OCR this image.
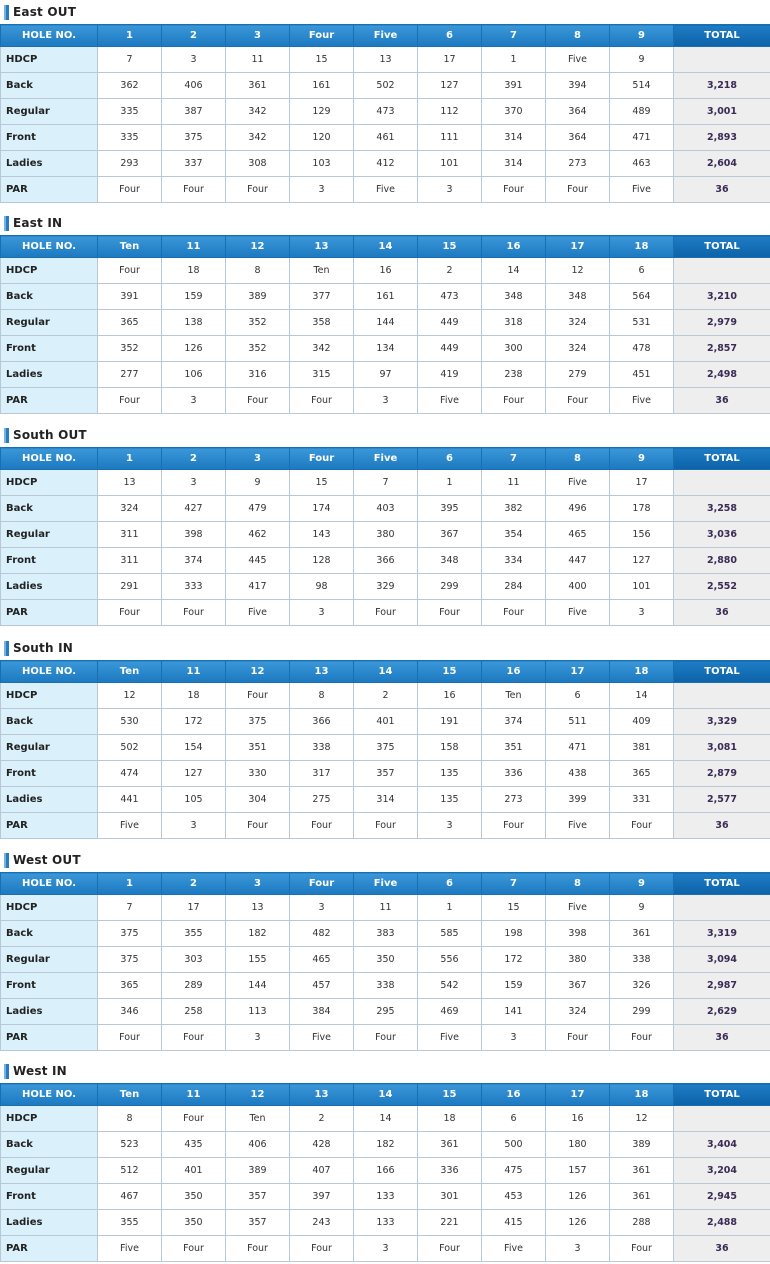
East OUT
HOLE NO.	1	2	3	Four	Five	6	7	8	9	TOTAL
HDCP	7	3	11	15	13	17	1	Five	9	
Back	362	406	361	161	502	127	391	394	514	3,218
Regular	335	387	342	129	473	112	370	364	489	3,001
Front	335	375	342	120	461	111	314	364	471	2,893
Ladies	293	337	308	103	412	101	314	273	463	2,604
PAR	Four	Four	Four	3	Five	3	Four	Four	Five	36
East IN
HOLE NO.	Ten	11	12	13	14	15	16	17	18	TOTAL
HDCP	Four	18	8	Ten	16	2	14	12	6	
Back	391	159	389	377	161	473	348	348	564	3,210
Regular	365	138	352	358	144	449	318	324	531	2,979
Front	352	126	352	342	134	449	300	324	478	2,857
Ladies	277	106	316	315	97	419	238	279	451	2,498
PAR	Four	3	Four	Four	3	Five	Four	Four	Five	36
South OUT
HOLE NO.	1	2	3	Four	Five	6	7	8	9	TOTAL
HDCP	13	3	9	15	7	1	11	Five	17	
Back	324	427	479	174	403	395	382	496	178	3,258
Regular	311	398	462	143	380	367	354	465	156	3,036
Front	311	374	445	128	366	348	334	447	127	2,880
Ladies	291	333	417	98	329	299	284	400	101	2,552
PAR	Four	Four	Five	3	Four	Four	Four	Five	3	36
South IN
HOLE NO.	Ten	11	12	13	14	15	16	17	18	TOTAL
HDCP	12	18	Four	8	2	16	Ten	6	14	
Back	530	172	375	366	401	191	374	511	409	3,329
Regular	502	154	351	338	375	158	351	471	381	3,081
Front	474	127	330	317	357	135	336	438	365	2,879
Ladies	441	105	304	275	314	135	273	399	331	2,577
PAR	Five	3	Four	Four	Four	3	Four	Five	Four	36
West OUT
HOLE NO.	1	2	3	Four	Five	6	7	8	9	TOTAL
HDCP	7	17	13	3	11	1	15	Five	9	
Back	375	355	182	482	383	585	198	398	361	3,319
Regular	375	303	155	465	350	556	172	380	338	3,094
Front	365	289	144	457	338	542	159	367	326	2,987
Ladies	346	258	113	384	295	469	141	324	299	2,629
PAR	Four	Four	3	Five	Four	Five	3	Four	Four	36
West IN
HOLE NO.	Ten	11	12	13	14	15	16	17	18	TOTAL
HDCP	8	Four	Ten	2	14	18	6	16	12	
Back	523	435	406	428	182	361	500	180	389	3,404
Regular	512	401	389	407	166	336	475	157	361	3,204
Front	467	350	357	397	133	301	453	126	361	2,945
Ladies	355	350	357	243	133	221	415	126	288	2,488
PAR	Five	Four	Four	Four	3	Four	Five	3	Four	36
